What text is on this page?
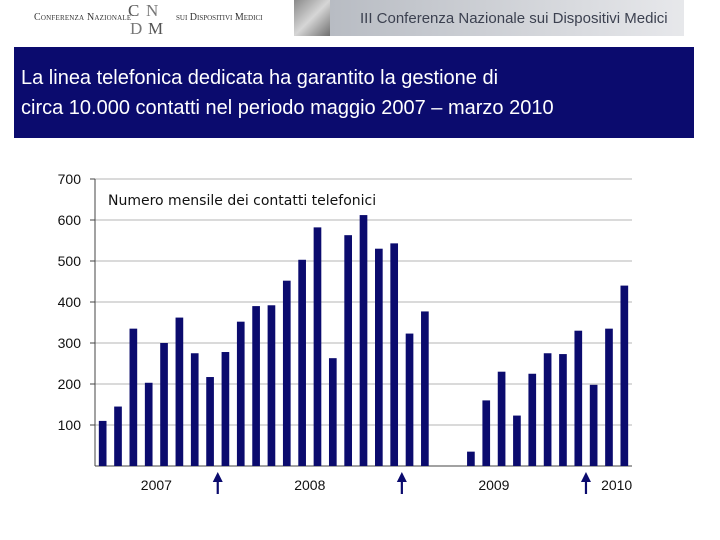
Conferenza Nazionale
C N
D M
sui Dispositivi Medici	III Conferenza Nazionale sui Dispositivi Medici
La linea telefonica dedicata ha garantito la gestione di
circa 10.000 contatti nel periodo maggio 2007 – marzo 2010
100
200
300
400
500
600
700
Numero mensile dei contatti telefonici
2007	2008	2009	2010
